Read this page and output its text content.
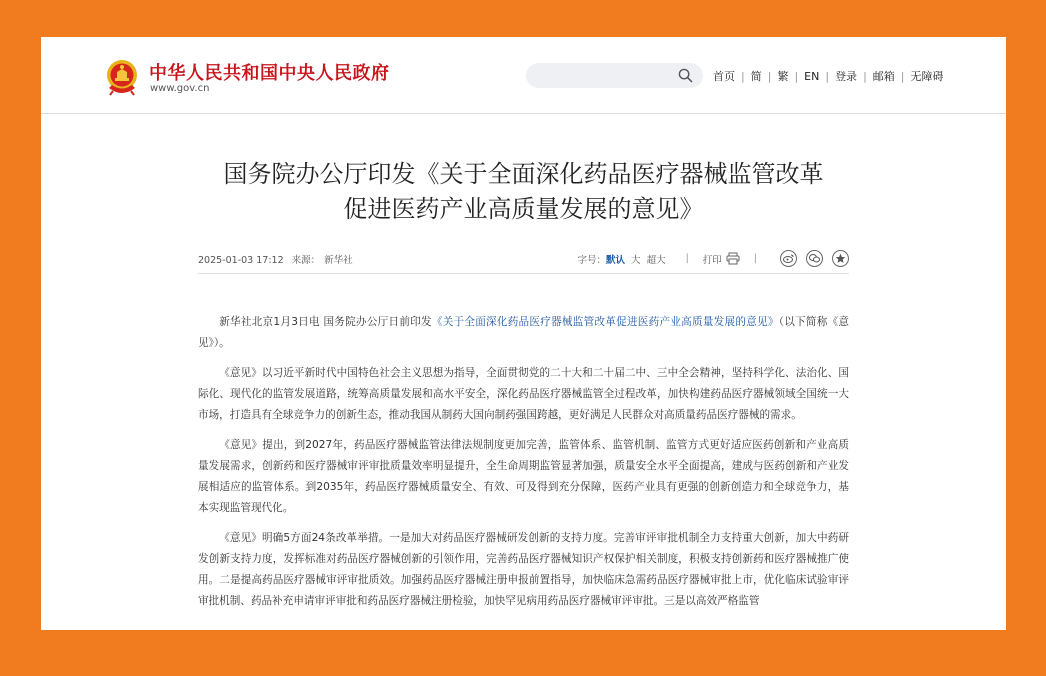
中华人民共和国中央人民政府
www.gov.cn
首页 | 简 | 繁 | EN | 登录 | 邮箱 | 无障碍
国务院办公厅印发《关于全面深化药品医疗器械监管改革
促进医药产业高质量发展的意见》
2025-01-03 17:12 来源： 新华社	字号： 默认 大 超大 | 打印	|

新华社北京1月3日电 国务院办公厅日前印发《关于全面深化药品医疗器械监管改革促进医药产业高质量发展的意见》（以下简称《意见》）。

《意见》以习近平新时代中国特色社会主义思想为指导，全面贯彻党的二十大和二十届二中、三中全会精神，坚持科学化、法治化、国际化、现代化的监管发展道路，统筹高质量发展和高水平安全，深化药品医疗器械监管全过程改革，加快构建药品医疗器械领域全国统一大市场，打造具有全球竞争力的创新生态，推动我国从制药大国向制药强国跨越，更好满足人民群众对高质量药品医疗器械的需求。

《意见》提出，到2027年，药品医疗器械监管法律法规制度更加完善，监管体系、监管机制、监管方式更好适应医药创新和产业高质量发展需求，创新药和医疗器械审评审批质量效率明显提升，全生命周期监管显著加强，质量安全水平全面提高，建成与医药创新和产业发展相适应的监管体系。到2035年，药品医疗器械质量安全、有效、可及得到充分保障，医药产业具有更强的创新创造力和全球竞争力，基本实现监管现代化。

《意见》明确5方面24条改革举措。一是加大对药品医疗器械研发创新的支持力度。完善审评审批机制全力支持重大创新，加大中药研发创新支持力度，发挥标准对药品医疗器械创新的引领作用，完善药品医疗器械知识产权保护相关制度，积极支持创新药和医疗器械推广使用。二是提高药品医疗器械审评审批质效。加强药品医疗器械注册申报前置指导，加快临床急需药品医疗器械审批上市，优化临床试验审评审批机制、药品补充申请审评审批和药品医疗器械注册检验，加快罕见病用药品医疗器械审评审批。三是以高效严格监管
